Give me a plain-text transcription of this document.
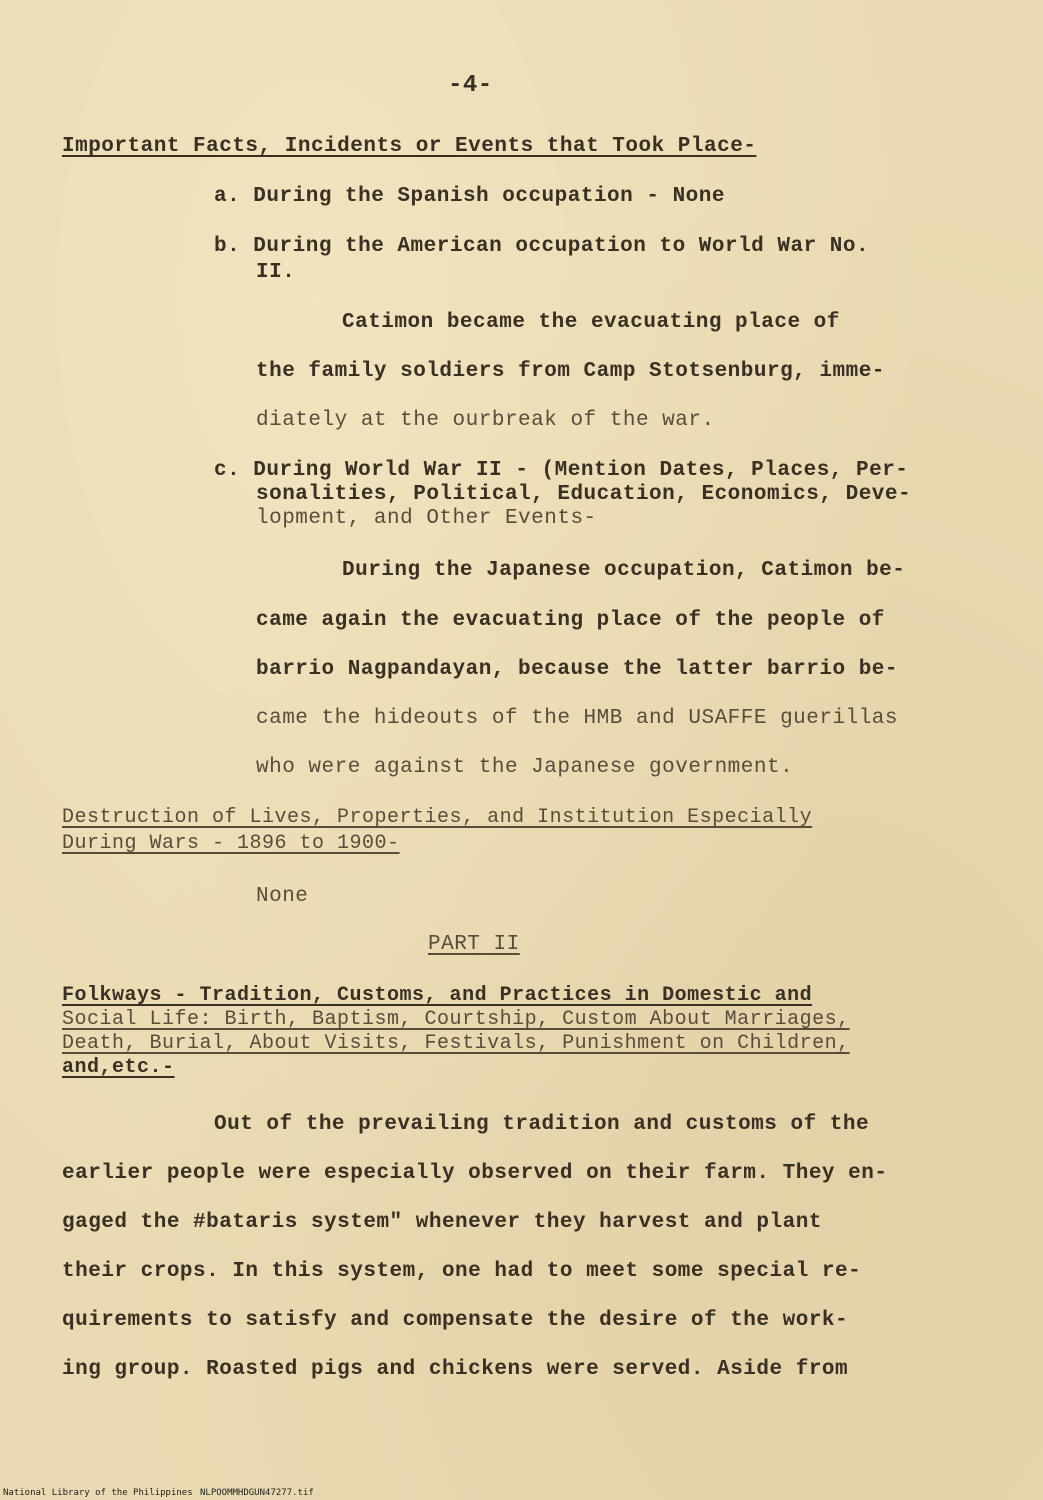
-4-
Important Facts, Incidents or Events that Took Place-
a. During the Spanish occupation - None
b. During the American occupation to World War No.
II.
Catimon became the evacuating place of
the family soldiers from Camp Stotsenburg, imme-
diately at the ourbreak of the war.
c. During World War II - (Mention Dates, Places, Per-
sonalities, Political, Education, Economics, Deve-
lopment, and Other Events-
During the Japanese occupation, Catimon be-
came again the evacuating place of the people of
barrio Nagpandayan, because the latter barrio be-
came the hideouts of the HMB and USAFFE guerillas
who were against the Japanese government.
Destruction of Lives, Properties, and Institution Especially
During Wars - 1896 to 1900-
None
PART II
Folkways - Tradition, Customs, and Practices in Domestic and
Social Life: Birth, Baptism, Courtship, Custom About Marriages,
Death, Burial, About Visits, Festivals, Punishment on Children,
and,etc.-
Out of the prevailing tradition and customs of the
earlier people were especially observed on their farm. They en-
gaged the #bataris system" whenever they harvest and plant
their crops. In this system, one had to meet some special re-
quirements to satisfy and compensate the desire of the work-
ing group. Roasted pigs and chickens were served. Aside from
National Library of the Philippines NLPOOMMHDGUN47277.tif
